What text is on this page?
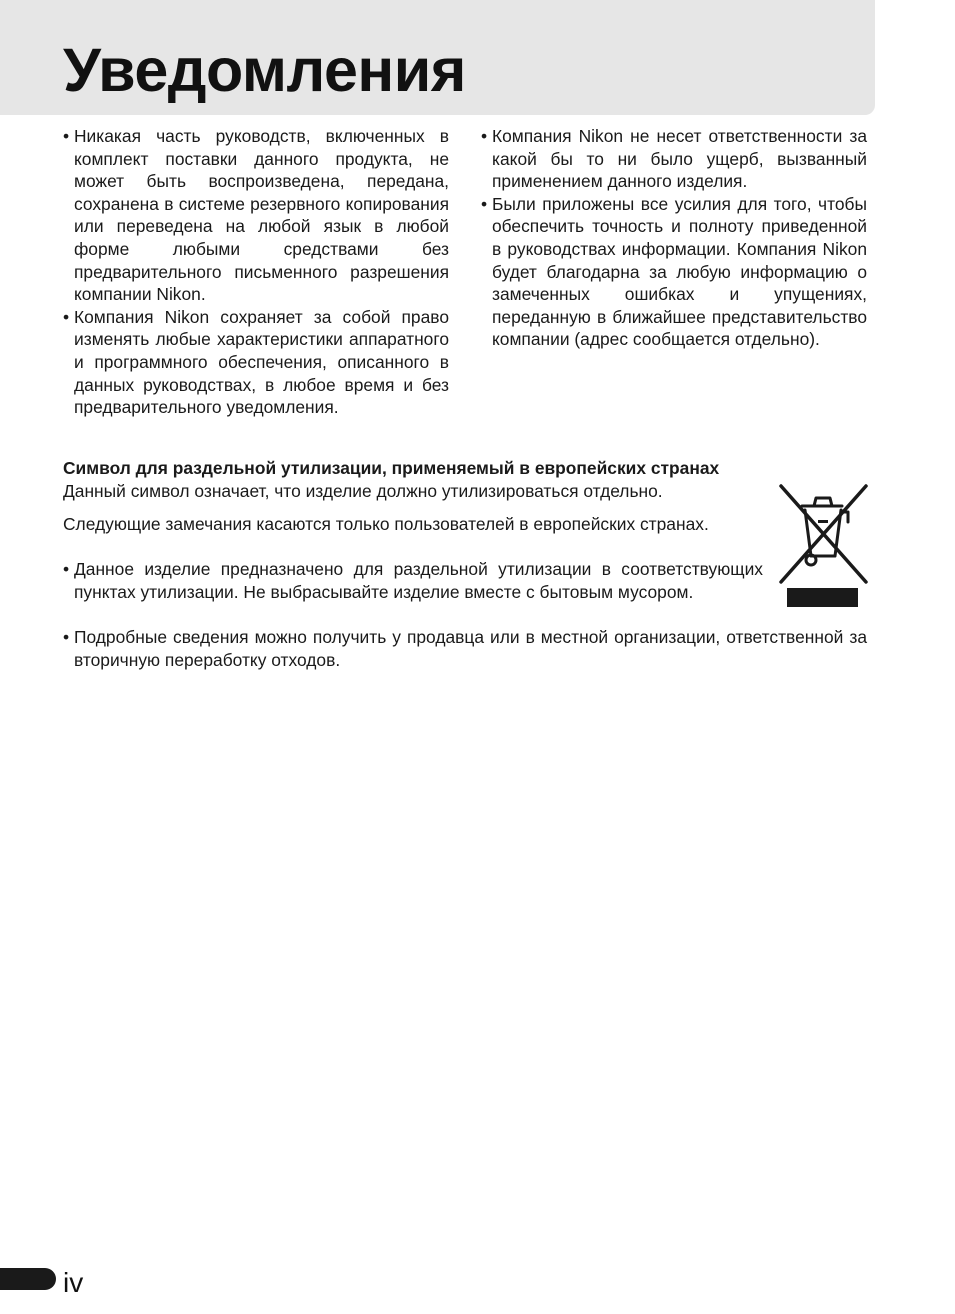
Уведомления

• Никакая часть руководств, включенных в комплект поставки данного продукта, не может быть воспроизведена, передана, сохранена в системе резервного копирования или переведена на любой язык в любой форме любыми средствами без предварительного письменного разрешения компании Nikon.

• Компания Nikon сохраняет за собой право изменять любые характеристики аппаратного и программного обеспечения, описанного в данных руководствах, в любое время и без предварительного уведомления.

• Компания Nikon не несет ответственности за какой бы то ни было ущерб, вызванный применением данного изделия.

• Были приложены все усилия для того, чтобы обеспечить точность и полноту приведенной в руководствах информации. Компания Nikon будет благодарна за любую информацию о замеченных ошибках и упущениях, переданную в ближайшее представительство компании (адрес сообщается отдельно).

Символ для раздельной утилизации, применяемый в европейских странах

Данный символ означает, что изделие должно утилизироваться отдельно.

Следующие замечания касаются только пользователей в европейских странах.

• Данное изделие предназначено для раздельной утилизации в соответствующих пунктах утилизации. Не выбрасывайте изделие вместе с бытовым мусором.

• Подробные сведения можно получить у продавца или в местной организации, ответственной за вторичную переработку отходов.

iv
